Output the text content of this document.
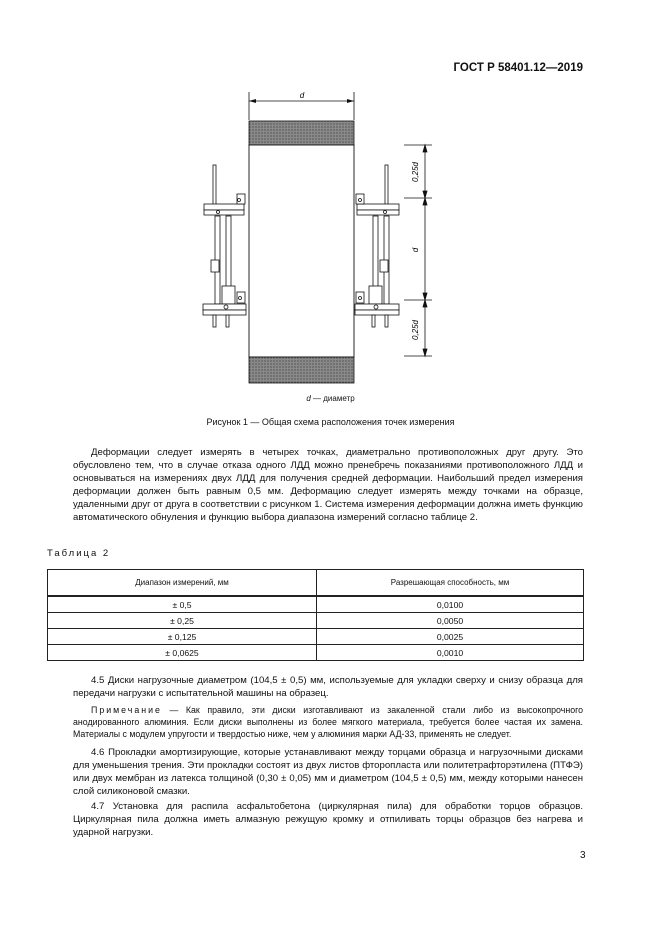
ГОСТ Р 58401.12—2019
d
0,25d
d
0,25d
d — диаметр
Рисунок 1 — Общая схема расположения точек измерения

Деформации следует измерять в четырех точках, диаметрально противоположных друг другу. Это обусловлено тем, что в случае отказа одного ЛДД можно пренебречь показаниями противоположного ЛДД и основываться на измерениях двух ЛДД для получения средней деформации. Наибольший предел измерения деформации должен быть равным 0,5 мм. Деформацию следует измерять между точками на образце, удаленными друг от друга в соответствии с рисунком 1. Система измерения деформации должна иметь функцию автоматического обнуления и функцию выбора диапазона измерений согласно таблице 2.

Таблица 2
Диапазон измерений, мм	Разрешающая способность, мм
± 0,5	0,0100
± 0,25	0,0050
± 0,125	0,0025
± 0,0625	0,0010

4.5 Диски нагрузочные диаметром (104,5 ± 0,5) мм, используемые для укладки сверху и снизу образца для передачи нагрузки с испытательной машины на образец.

Примечание — Как правило, эти диски изготавливают из закаленной стали либо из высокопрочного анодированного алюминия. Если диски выполнены из более мягкого материала, требуется более частая их замена. Материалы с модулем упругости и твердостью ниже, чем у алюминия марки АД-33, применять не следует.

4.6 Прокладки амортизирующие, которые устанавливают между торцами образца и нагрузочными дисками для уменьшения трения. Эти прокладки состоят из двух листов фторопласта или политетрафторэтилена (ПТФЭ) или двух мембран из латекса толщиной (0,30 ± 0,05) мм и диаметром (104,5 ± 0,5) мм, между которыми нанесен слой силиконовой смазки.

4.7 Установка для распила асфальтобетона (циркулярная пила) для обработки торцов образцов. Циркулярная пила должна иметь алмазную режущую кромку и отпиливать торцы образцов без нагрева и ударной нагрузки.

3
